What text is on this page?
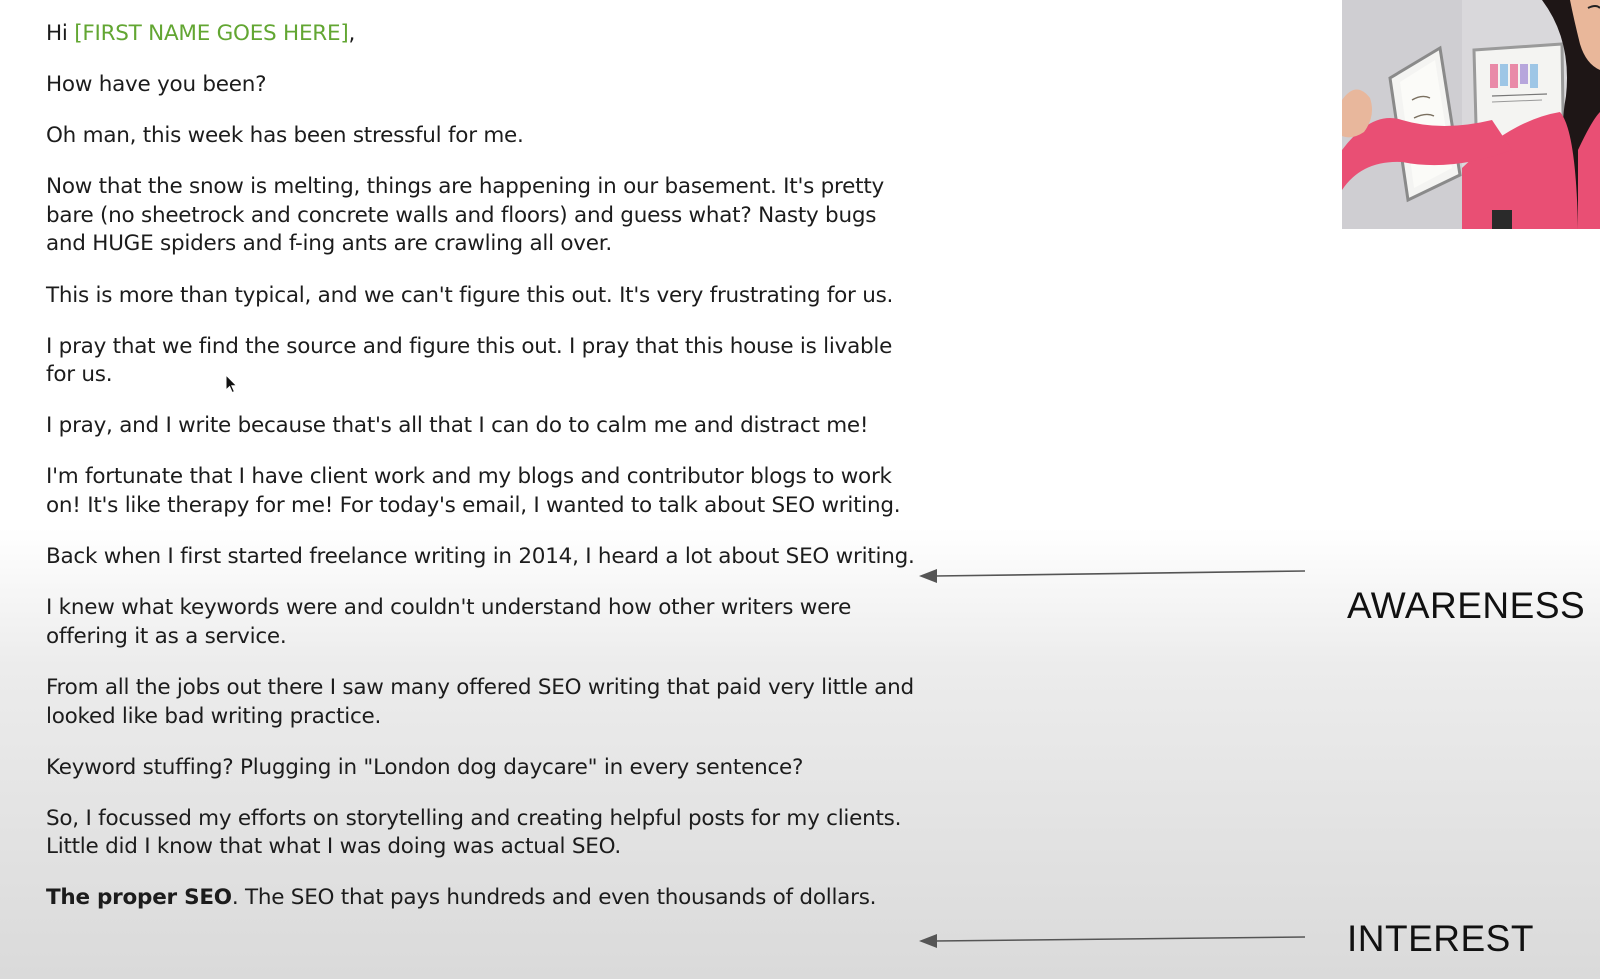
Hi [FIRST NAME GOES HERE],

How have you been?

Oh man, this week has been stressful for me.

Now that the snow is melting, things are happening in our basement. It's pretty bare (no sheetrock and concrete walls and floors) and guess what? Nasty bugs and HUGE spiders and f-ing ants are crawling all over.

This is more than typical, and we can't figure this out. It's very frustrating for us.

I pray that we find the source and figure this out. I pray that this house is livable for us.

I pray, and I write because that's all that I can do to calm me and distract me!

I'm fortunate that I have client work and my blogs and contributor blogs to work on! It's like therapy for me! For today's email, I wanted to talk about SEO writing.

Back when I first started freelance writing in 2014, I heard a lot about SEO writing.

I knew what keywords were and couldn't understand how other writers were offering it as a service.

From all the jobs out there I saw many offered SEO writing that paid very little and looked like bad writing practice.

Keyword stuffing? Plugging in "London dog daycare" in every sentence?

So, I focussed my efforts on storytelling and creating helpful posts for my clients. Little did I know that what I was doing was actual SEO.

The proper SEO. The SEO that pays hundreds and even thousands of dollars.

AWARENESS
INTEREST
